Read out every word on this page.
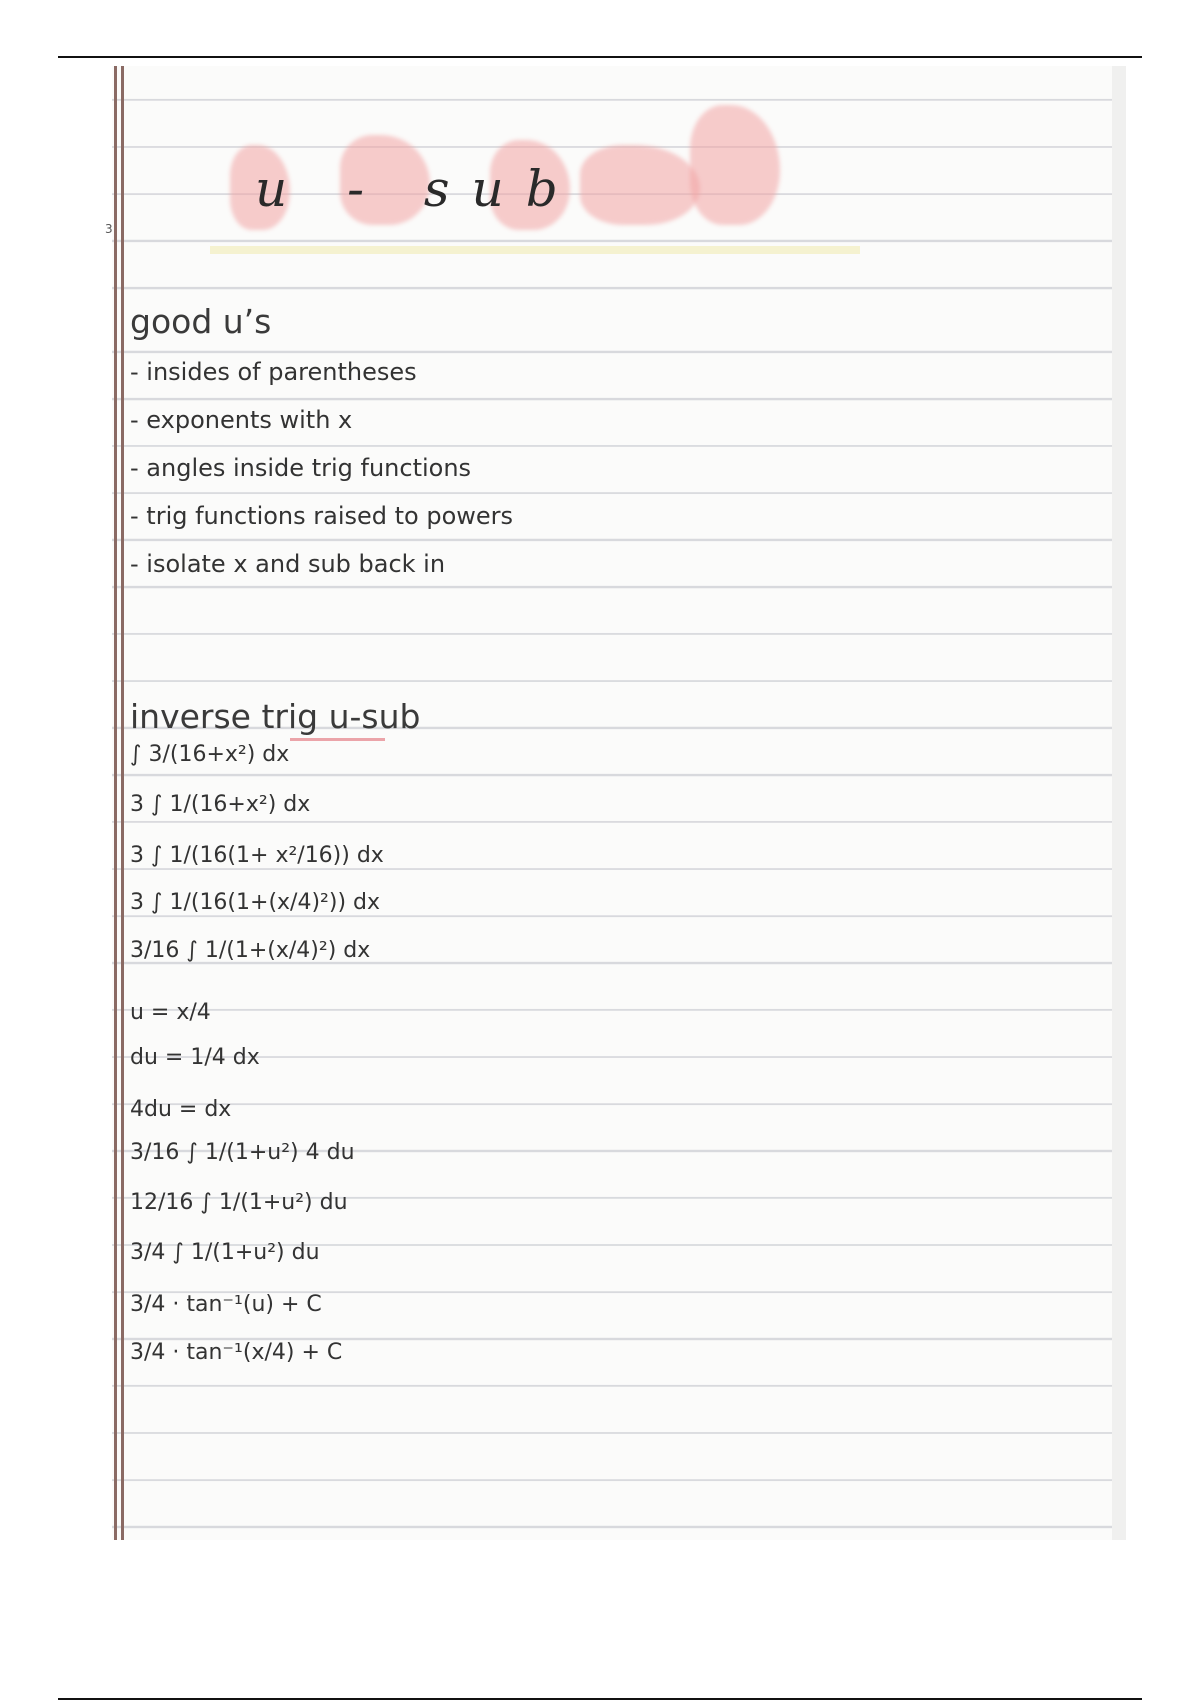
3
u - sub
good u’s
- insides of parentheses
- exponents with x
- angles inside trig functions
- trig functions raised to powers
- isolate x and sub back in
inverse trig u-sub
∫ 3/(16+x²) dx
3 ∫ 1/(16+x²) dx
3 ∫ 1/(16(1+ x²/16)) dx
3 ∫ 1/(16(1+(x/4)²)) dx
3/16 ∫ 1/(1+(x/4)²) dx
u = x/4
du = 1/4 dx
4du = dx
3/16 ∫ 1/(1+u²) 4 du
12/16 ∫ 1/(1+u²) du
3/4 ∫ 1/(1+u²) du
3/4 · tan⁻¹(u) + C
3/4 · tan⁻¹(x/4) + C
